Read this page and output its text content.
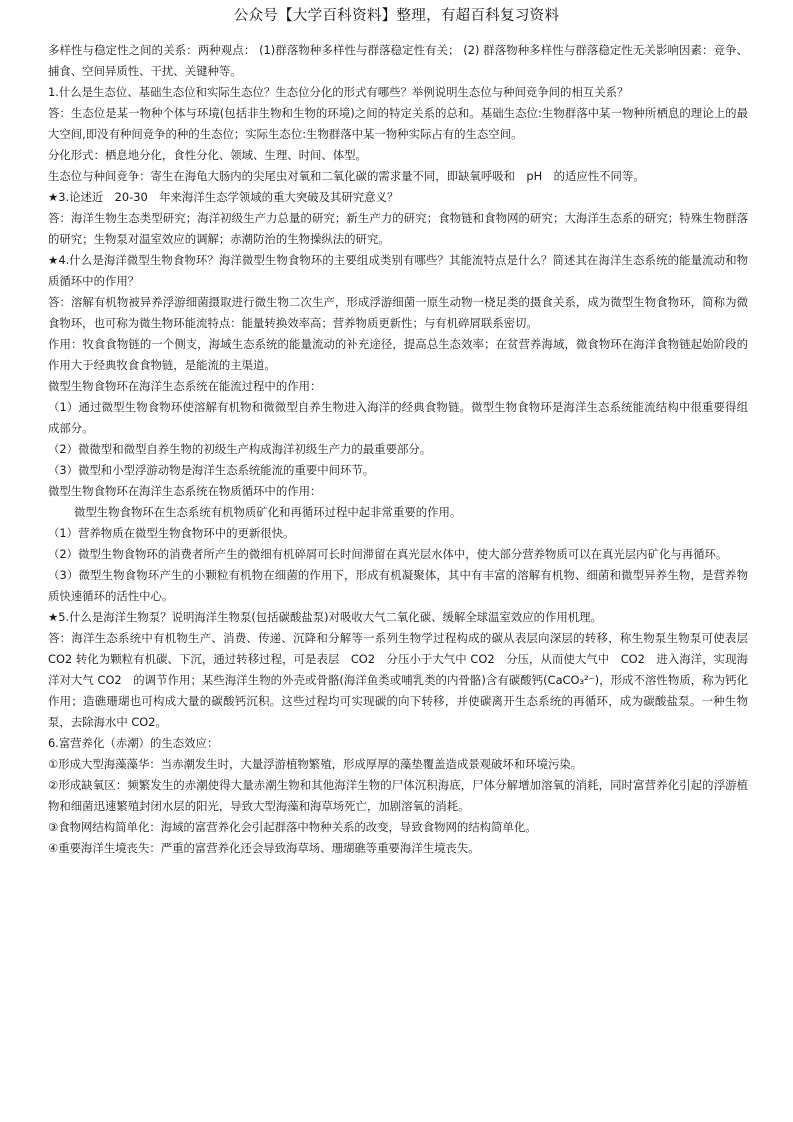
公众号【大学百科资料】整理，有超百科复习资料

多样性与稳定性之间的关系：两种观点： (1)群落物种多样性与群落稳定性有关； (2) 群落物种多样性与群落稳定性无关影响因素：竞争、捕食、空间异质性、干扰、关键种等。

1.什么是生态位、基础生态位和实际生态位？生态位分化的形式有哪些？举例说明生态位与种间竞争间的相互关系？

答：生态位是某一物种个体与环境(包括非生物和生物的环境)之间的特定关系的总和。基础生态位:生物群落中某一物种所栖息的理论上的最大空间,即没有种间竞争的种的生态位；实际生态位:生物群落中某一物种实际占有的生态空间。

分化形式：栖息地分化，食性分化、领域、生理、时间、体型。

生态位与种间竞争：寄生在海龟大肠内的尖尾虫对氧和二氧化碳的需求量不同，即缺氧呼吸和　pH　的适应性不同等。

★3.论述近　20-30　年来海洋生态学领域的重大突破及其研究意义？

答：海洋生物生态类型研究；海洋初级生产力总量的研究；新生产力的研究；食物链和食物网的研究；大海洋生态系的研究；特殊生物群落的研究；生物泵对温室效应的调解；赤潮防治的生物操纵法的研究。

★4.什么是海洋微型生物食物环？海洋微型生物食物环的主要组成类别有哪些？其能流特点是什么？简述其在海洋生态系统的能量流动和物质循环中的作用？

答：溶解有机物被异养浮游细菌摄取进行微生物二次生产，形成浮游细菌一原生动物一桡足类的摄食关系，成为微型生物食物环，简称为微食物环，也可称为微生物环能流特点：能量转换效率高；营养物质更新性；与有机碎屑联系密切。

作用：牧食食物链的一个侧支，海域生态系统的能量流动的补充途径，提高总生态效率；在贫营养海域，微食物环在海洋食物链起始阶段的作用大于经典牧食食物链，是能流的主渠道。

微型生物食物环在海洋生态系统在能流过程中的作用：

（1）通过微型生物食物环使溶解有机物和微微型自养生物进入海洋的经典食物链。微型生物食物环是海洋生态系统能流结构中很重要得组成部分。

（2）微微型和微型自养生物的初级生产构成海洋初级生产力的最重要部分。

（3）微型和小型浮游动物是海洋生态系统能流的重要中间环节。

微型生物食物环在海洋生态系统在物质循环中的作用：

微型生物食物环在生态系统有机物质矿化和再循环过程中起非常重要的作用。

（1）营养物质在微型生物食物环中的更新很快。

（2）微型生物食物环的消费者所产生的微细有机碎屑可长时间滞留在真光层水体中，使大部分营养物质可以在真光层内矿化与再循环。

（3）微型生物食物环产生的小颗粒有机物在细菌的作用下，形成有机凝聚体，其中有丰富的溶解有机物、细菌和微型异养生物，是营养物质快速循环的活性中心。

★5.什么是海洋生物泵？说明海洋生物泵(包括碳酸盐泵)对吸收大气二氧化碳、缓解全球温室效应的作用机理。

答：海洋生态系统中有机物生产、消费、传递、沉降和分解等一系列生物学过程构成的碳从表层向深层的转移，称生物泵生物泵可使表层 CO2 转化为颗粒有机碳、下沉，通过转移过程，可是表层　CO2　分压小于大气中 CO2　分压，从而使大气中　CO2　进入海洋，实现海洋对大气 CO2　的调节作用；某些海洋生物的外壳或骨骼(海洋鱼类或哺乳类的内骨骼)含有碳酸钙(CaCO₃²⁻)，形成不溶性物质，称为钙化作用；造礁珊瑚也可构成大量的碳酸钙沉积。这些过程均可实现碳的向下转移，并使碳离开生态系统的再循环，成为碳酸盐泵。一种生物泵，去除海水中 CO2。

6.富营养化（赤潮）的生态效应：

①形成大型海藻藻华：当赤潮发生时，大量浮游植物繁殖，形成厚厚的藻垫覆盖造成景观破坏和环境污染。

②形成缺氧区：频繁发生的赤潮使得大量赤潮生物和其他海洋生物的尸体沉积海底，尸体分解增加溶氧的消耗，同时富营养化引起的浮游植物和细菌迅速繁殖封闭水层的阳光，导致大型海藻和海草场死亡，加剧溶氧的消耗。

③食物网结构简单化：海域的富营养化会引起群落中物种关系的改变，导致食物网的结构简单化。

④重要海洋生境丧失：严重的富营养化还会导致海草场、珊瑚礁等重要海洋生境丧失。
